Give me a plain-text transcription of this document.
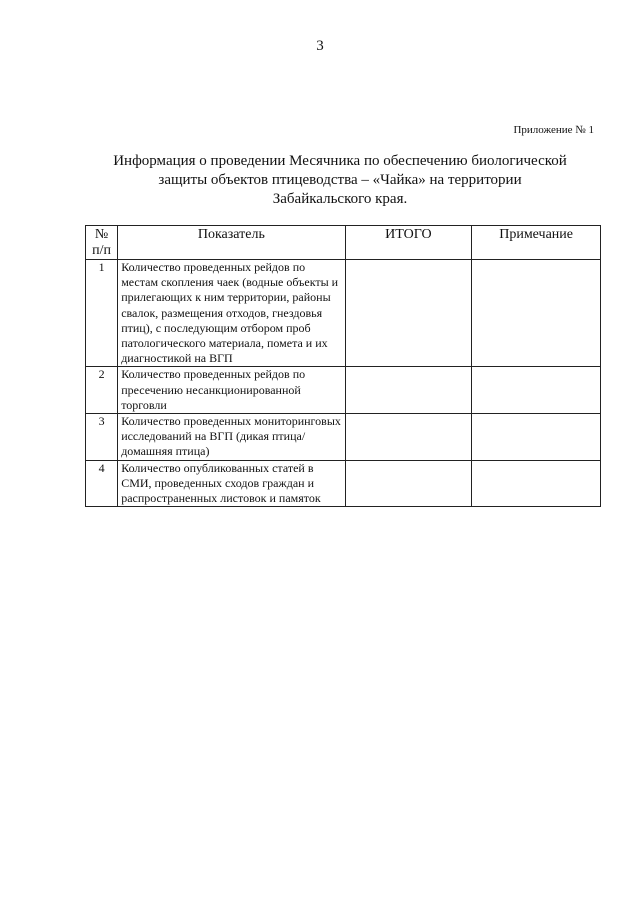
3
Приложение № 1
Информация о проведении Месячника по обеспечению биологической
защиты объектов птицеводства – «Чайка» на территории
Забайкальского края.
№
п/п	Показатель	ИТОГО	Примечание
1	Количество проведенных рейдов по местам скопления чаек (водные объекты и прилегающих к ним территории, районы свалок, размещения отходов, гнездовья птиц), с последующим отбором проб патологического материала, помета и их диагностикой на ВГП		
2	Количество проведенных рейдов по пресечению несанкционированной торговли		
3	Количество проведенных мониторинговых исследований на ВГП (дикая птица/домашняя птица)		
4	Количество опубликованных статей в СМИ, проведенных сходов граждан и распространенных листовок и памяток		
